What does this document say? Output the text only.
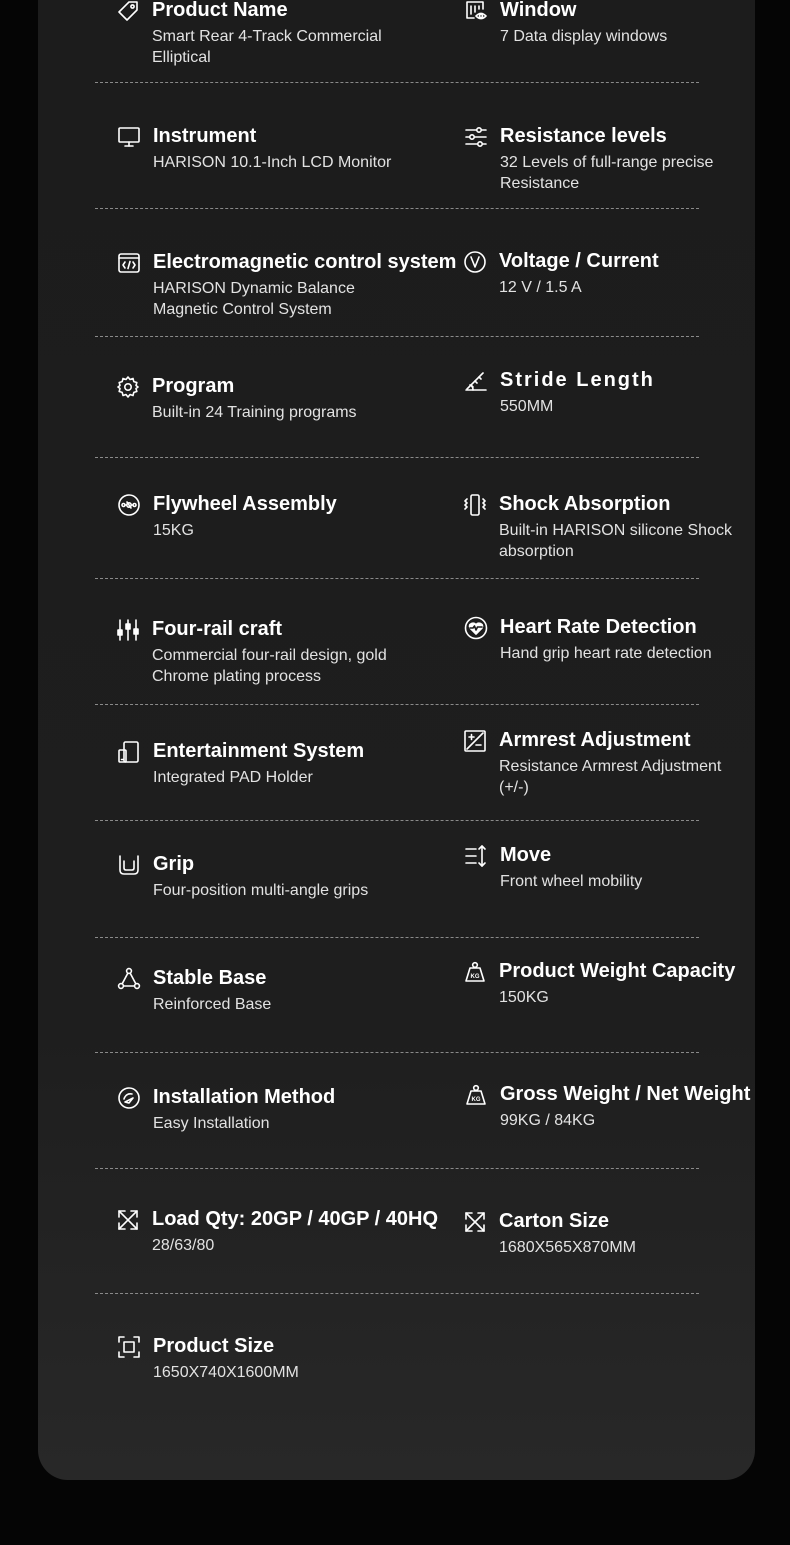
Product Name
Smart Rear 4-Track Commercial Elliptical
Window
7 Data display windows
Instrument
HARISON 10.1-Inch LCD Monitor
Resistance levels
32 Levels of full-range precise Resistance
Electromagnetic control system
HARISON Dynamic Balance Magnetic Control System
Voltage / Current
12 V / 1.5 A
Program
Built-in 24 Training programs
Stride Length
550MM
Flywheel Assembly
15KG
Shock Absorption
Built-in HARISON silicone Shock absorption
Four-rail craft
Commercial four-rail design, gold Chrome plating process
Heart Rate Detection
Hand grip heart rate detection
Entertainment System
Integrated PAD Holder
Armrest Adjustment
Resistance Armrest Adjustment
(+/-)
Grip
Four-position multi-angle grips
Move
Front wheel mobility
Stable Base
Reinforced Base
KG Product Weight Capacity
150KG
Installation Method
Easy Installation
KG Gross Weight / Net Weight
99KG / 84KG
Load Qty: 20GP / 40GP / 40HQ
28/63/80
Carton Size
1680X565X870MM
Product Size
1650X740X1600MM
